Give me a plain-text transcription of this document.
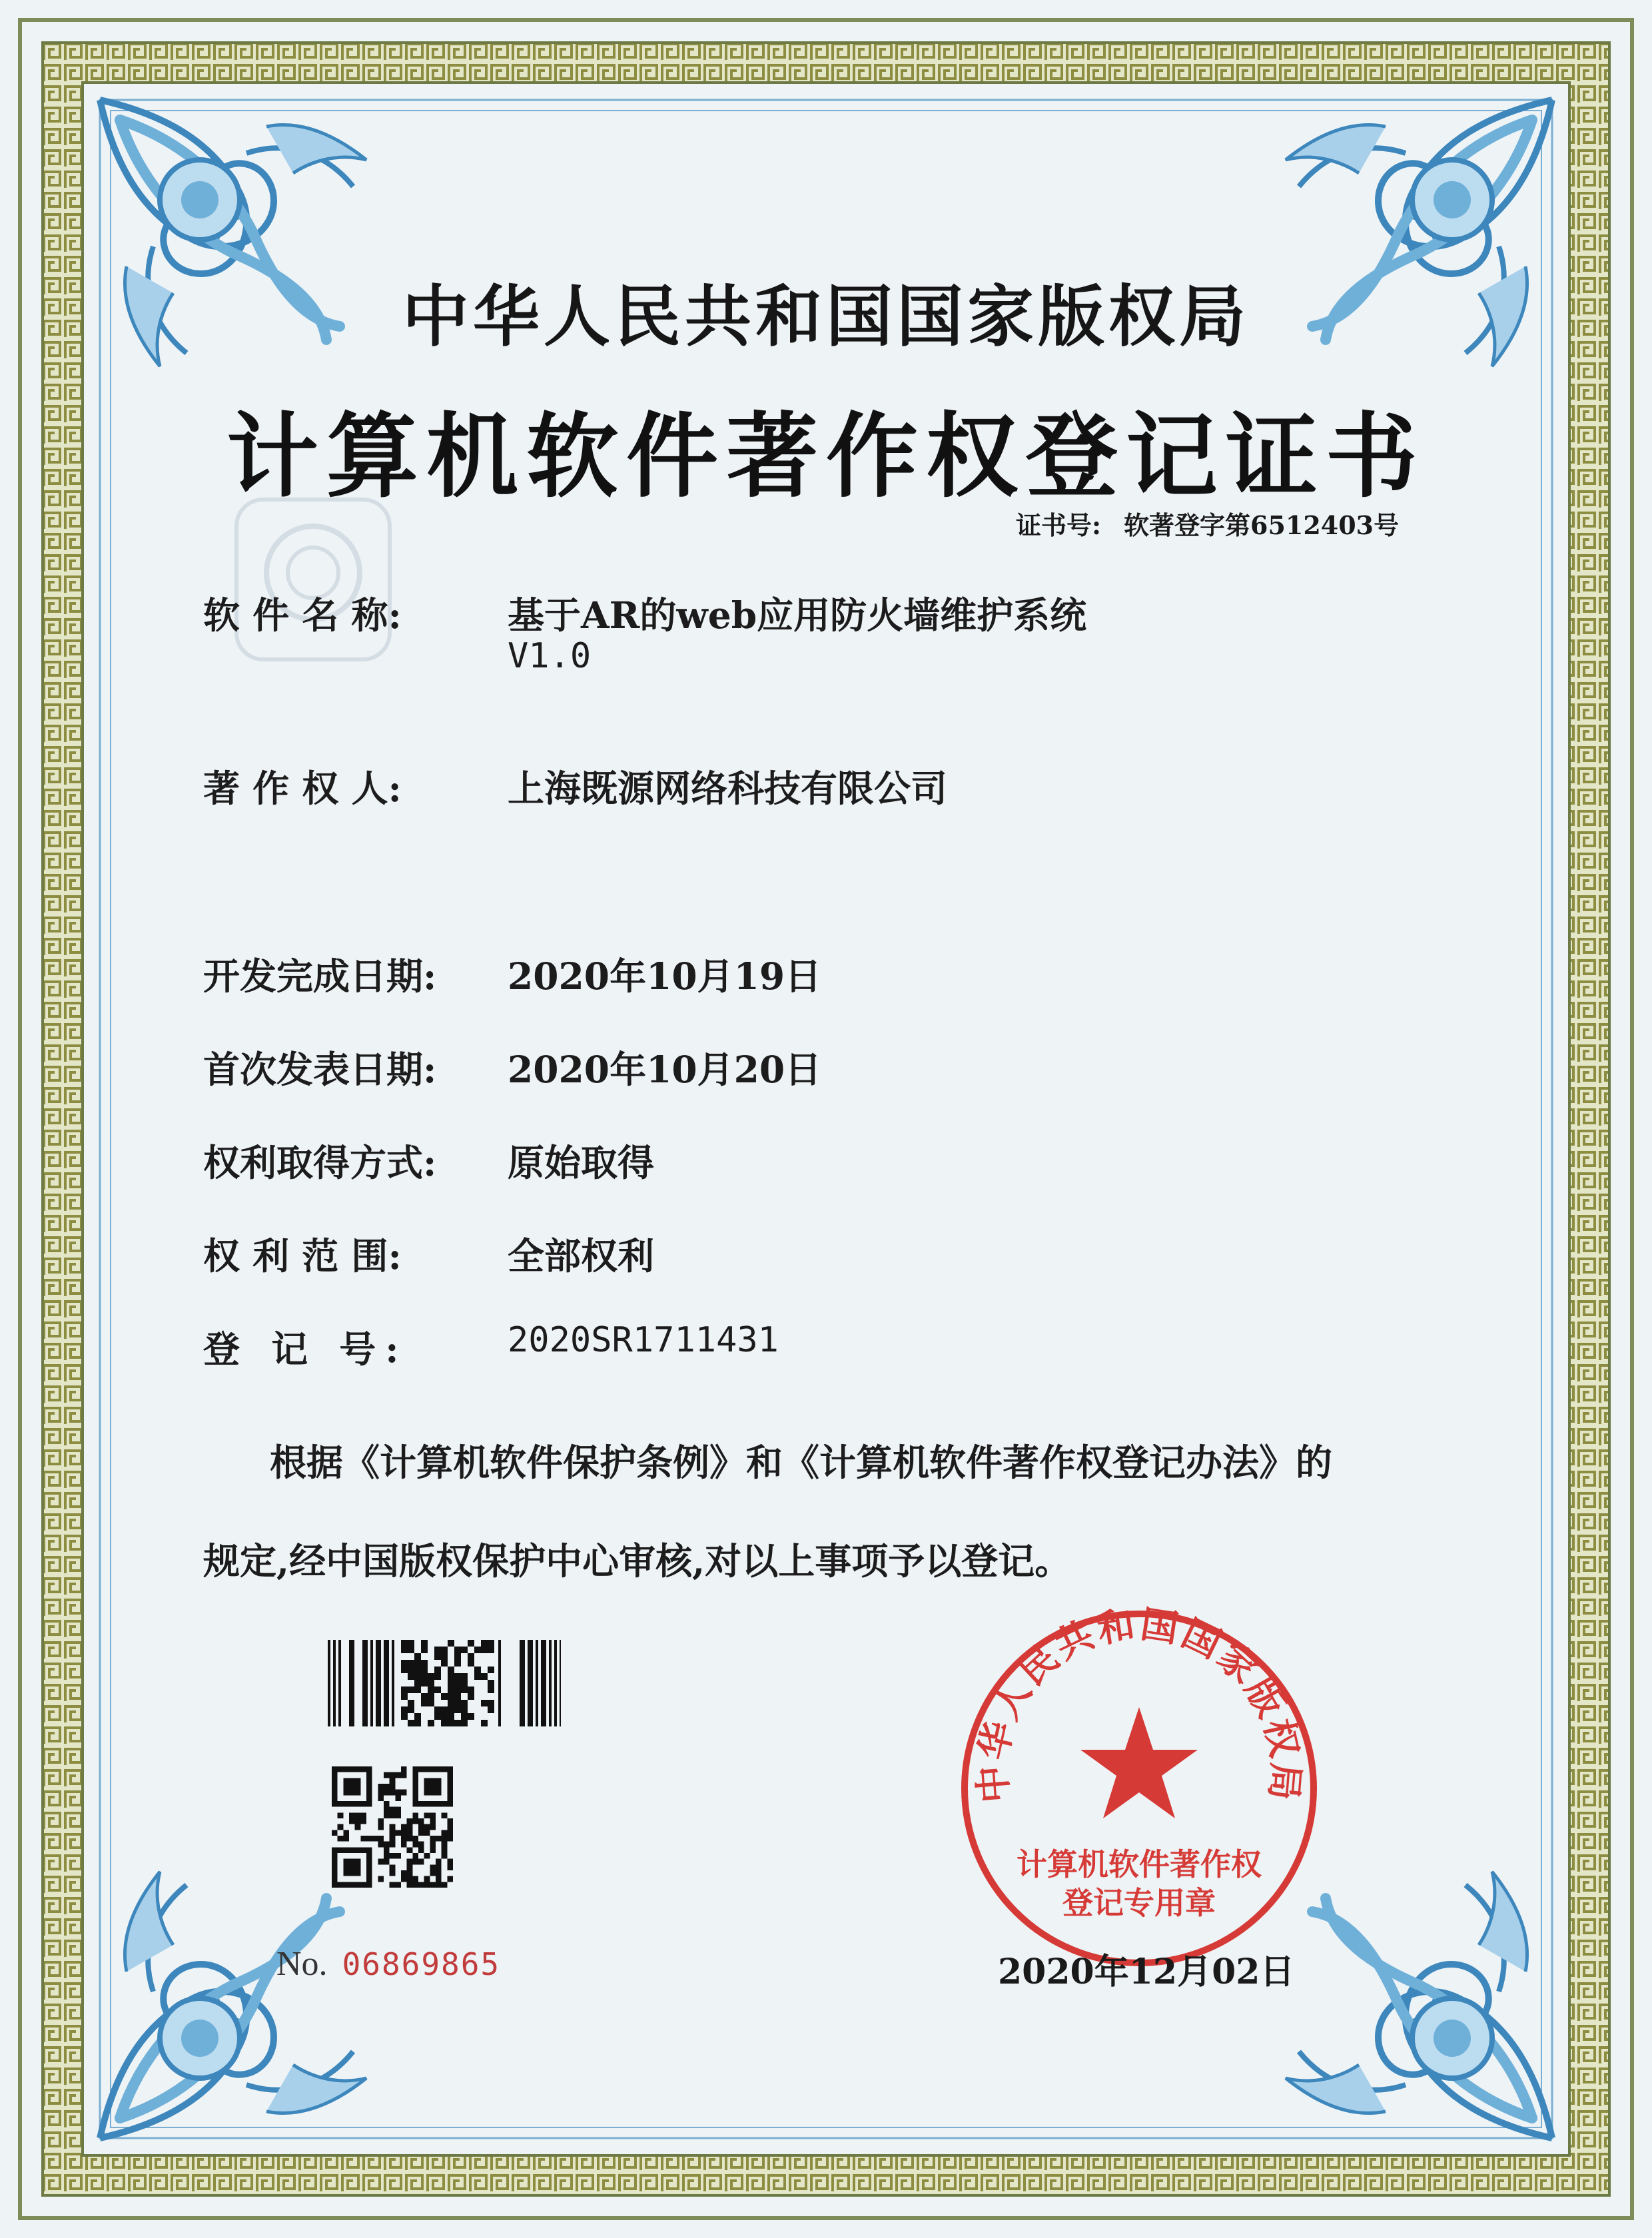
中华人民共和国国家版权局
计算机软件著作权登记证书
证书号: 软著登字第6512403号
软 件 名 称:	基于AR的web应用防火墙维护系统
V1.0
著 作 权 人:	上海既源网络科技有限公司
开发完成日期: 2020年10月19日
首次发表日期: 2020年10月20日
权利取得方式: 原始取得
权 利 范 围:	全部权利
登 记 号:	2020SR1711431
根据《计算机软件保护条例》和《计算机软件著作权登记办法》的
规定,经中国版权保护中心审核,对以上事项予以登记。
No. 06869865
中华人民共和国国家版权局
计算机软件著作权
登记专用章
2020年12月02日
